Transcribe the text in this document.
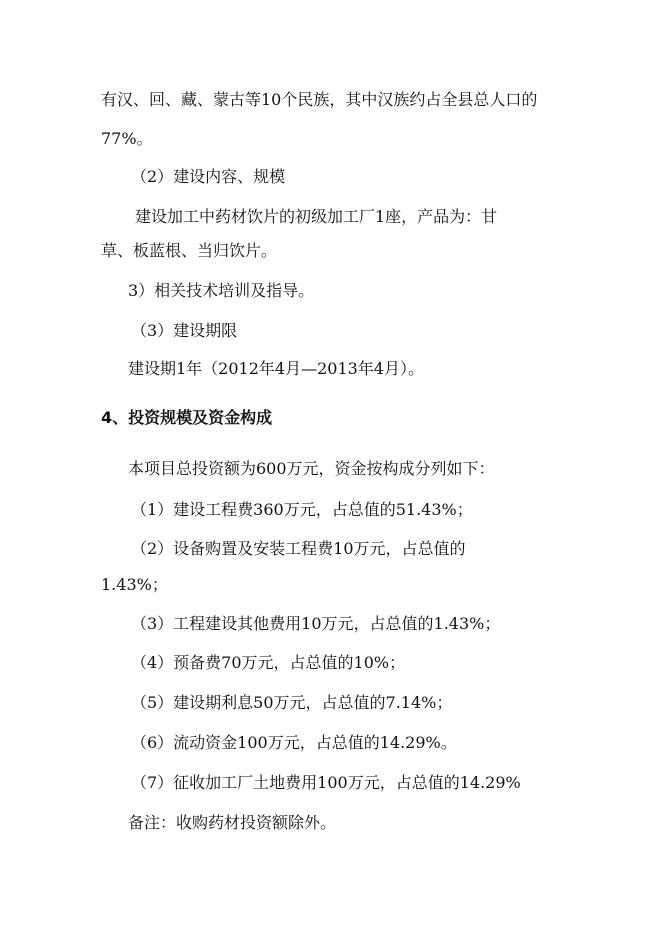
有汉、回、藏、蒙古等10个民族，其中汉族约占全县总人口的
77%。
（2）建设内容、规模
建设加工中药材饮片的初级加工厂1座，产品为：甘
草、板蓝根、当归饮片。
3）相关技术培训及指导。
（3）建设期限
建设期1年（2012年4月—2013年4月）。
4、投资规模及资金构成
本项目总投资额为600万元，资金按构成分列如下：
（1）建设工程费360万元，占总值的51.43%；
（2）设备购置及安装工程费10万元，占总值的
1.43%；
（3）工程建设其他费用10万元，占总值的1.43%；
（4）预备费70万元，占总值的10%；
（5）建设期利息50万元，占总值的7.14%；
（6）流动资金100万元，占总值的14.29%。
（7）征收加工厂土地费用100万元，占总值的14.29%
备注：收购药材投资额除外。
